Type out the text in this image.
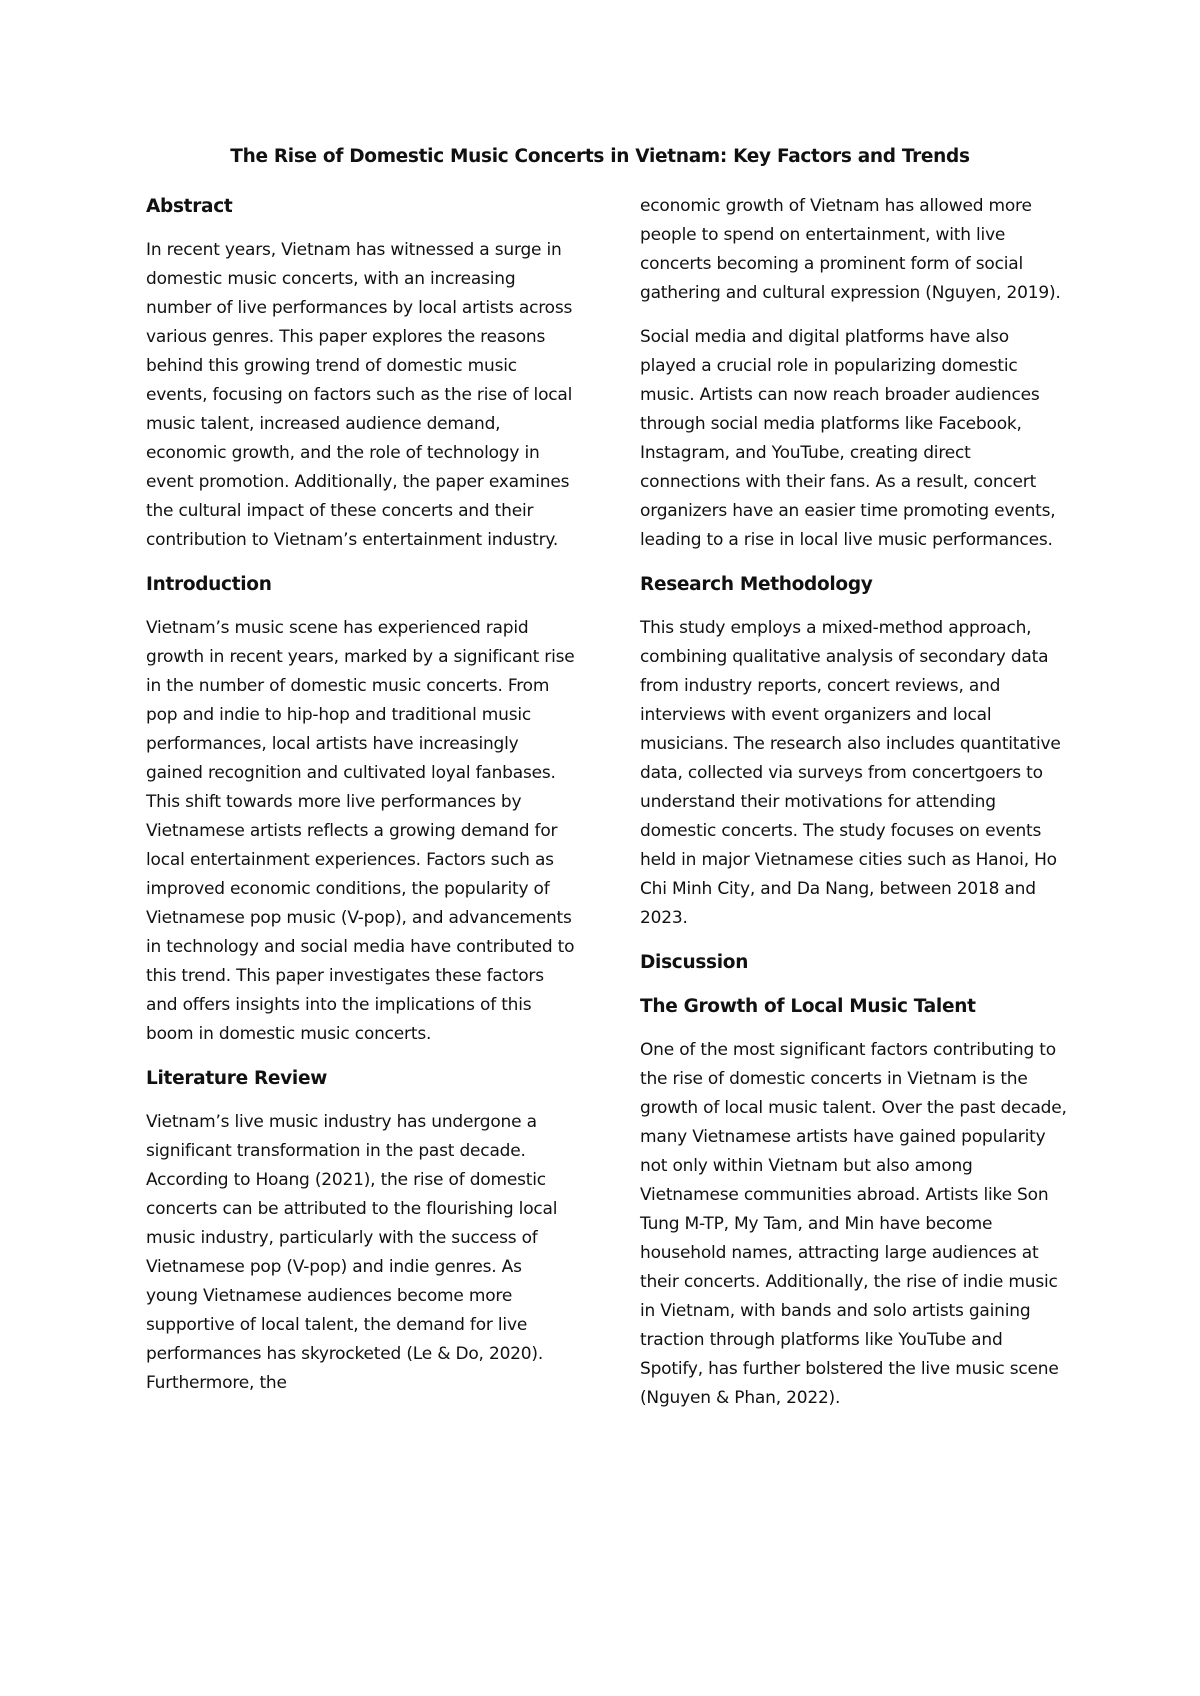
The Rise of Domestic Music Concerts in Vietnam: Key Factors and Trends
Abstract

In recent years, Vietnam has witnessed a surge in domestic music concerts, with an increasing number of live performances by local artists across various genres. This paper explores the reasons behind this growing trend of domestic music events, focusing on factors such as the rise of local music talent, increased audience demand, economic growth, and the role of technology in event promotion. Additionally, the paper examines the cultural impact of these concerts and their contribution to Vietnam’s entertainment industry.

Introduction

Vietnam’s music scene has experienced rapid growth in recent years, marked by a significant rise in the number of domestic music concerts. From pop and indie to hip-hop and traditional music performances, local artists have increasingly gained recognition and cultivated loyal fanbases. This shift towards more live performances by Vietnamese artists reflects a growing demand for local entertainment experiences. Factors such as improved economic conditions, the popularity of Vietnamese pop music (V-pop), and advancements in technology and social media have contributed to this trend. This paper investigates these factors and offers insights into the implications of this boom in domestic music concerts.

Literature Review

Vietnam’s live music industry has undergone a significant transformation in the past decade. According to Hoang (2021), the rise of domestic concerts can be attributed to the flourishing local music industry, particularly with the success of Vietnamese pop (V-pop) and indie genres. As young Vietnamese audiences become more supportive of local talent, the demand for live performances has skyrocketed (Le & Do, 2020). Furthermore, the

economic growth of Vietnam has allowed more people to spend on entertainment, with live concerts becoming a prominent form of social gathering and cultural expression (Nguyen, 2019).

Social media and digital platforms have also played a crucial role in popularizing domestic music. Artists can now reach broader audiences through social media platforms like Facebook, Instagram, and YouTube, creating direct connections with their fans. As a result, concert organizers have an easier time promoting events, leading to a rise in local live music performances.

Research Methodology

This study employs a mixed-method approach, combining qualitative analysis of secondary data from industry reports, concert reviews, and interviews with event organizers and local musicians. The research also includes quantitative data, collected via surveys from concertgoers to understand their motivations for attending domestic concerts. The study focuses on events held in major Vietnamese cities such as Hanoi, Ho Chi Minh City, and Da Nang, between 2018 and 2023.

Discussion
The Growth of Local Music Talent

One of the most significant factors contributing to the rise of domestic concerts in Vietnam is the growth of local music talent. Over the past decade, many Vietnamese artists have gained popularity not only within Vietnam but also among Vietnamese communities abroad. Artists like Son Tung M-TP, My Tam, and Min have become household names, attracting large audiences at their concerts. Additionally, the rise of indie music in Vietnam, with bands and solo artists gaining traction through platforms like YouTube and Spotify, has further bolstered the live music scene (Nguyen & Phan, 2022).
